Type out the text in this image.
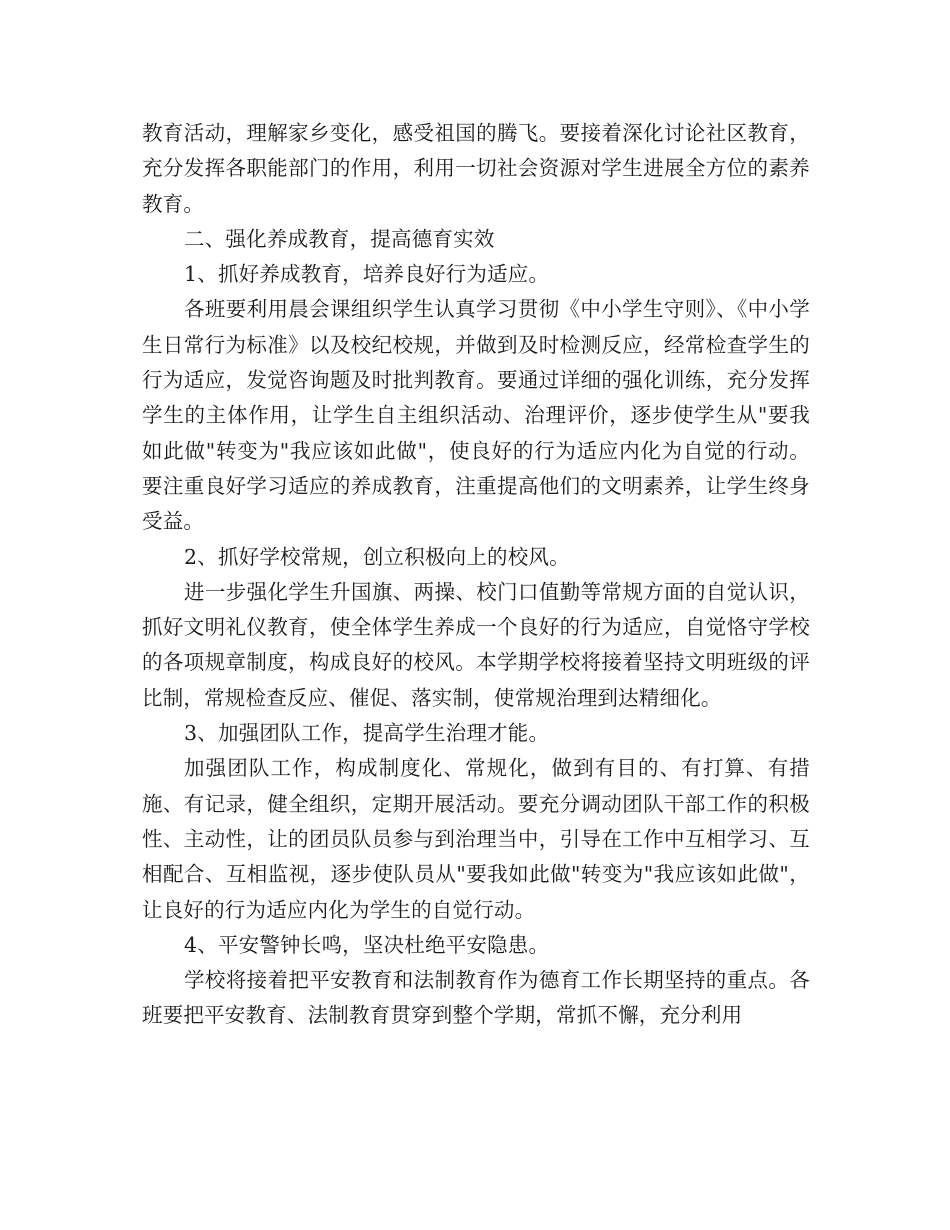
教育活动，理解家乡变化，感受祖国的腾飞。要接着深化讨论社区教育，充分发挥各职能部门的作用，利用一切社会资源对学生进展全方位的素养教育。

二、强化养成教育，提高德育实效

1、抓好养成教育，培养良好行为适应。

各班要利用晨会课组织学生认真学习贯彻《中小学生守则》、《中小学生日常行为标准》以及校纪校规，并做到及时检测反应，经常检查学生的行为适应，发觉咨询题及时批判教育。要通过详细的强化训练，充分发挥学生的主体作用，让学生自主组织活动、治理评价，逐步使学生从"要我如此做"转变为"我应该如此做"，使良好的行为适应内化为自觉的行动。要注重良好学习适应的养成教育，注重提高他们的文明素养，让学生终身受益。

2、抓好学校常规，创立积极向上的校风。

进一步强化学生升国旗、两操、校门口值勤等常规方面的自觉认识，抓好文明礼仪教育，使全体学生养成一个良好的行为适应，自觉恪守学校的各项规章制度，构成良好的校风。本学期学校将接着坚持文明班级的评比制，常规检查反应、催促、落实制，使常规治理到达精细化。

3、加强团队工作，提高学生治理才能。

加强团队工作，构成制度化、常规化，做到有目的、有打算、有措施、有记录，健全组织，定期开展活动。要充分调动团队干部工作的积极性、主动性，让的团员队员参与到治理当中，引导在工作中互相学习、互相配合、互相监视，逐步使队员从"要我如此做"转变为"我应该如此做"，让良好的行为适应内化为学生的自觉行动。

4、平安警钟长鸣，坚决杜绝平安隐患。

学校将接着把平安教育和法制教育作为德育工作长期坚持的重点。各班要把平安教育、法制教育贯穿到整个学期，常抓不懈，充分利用
